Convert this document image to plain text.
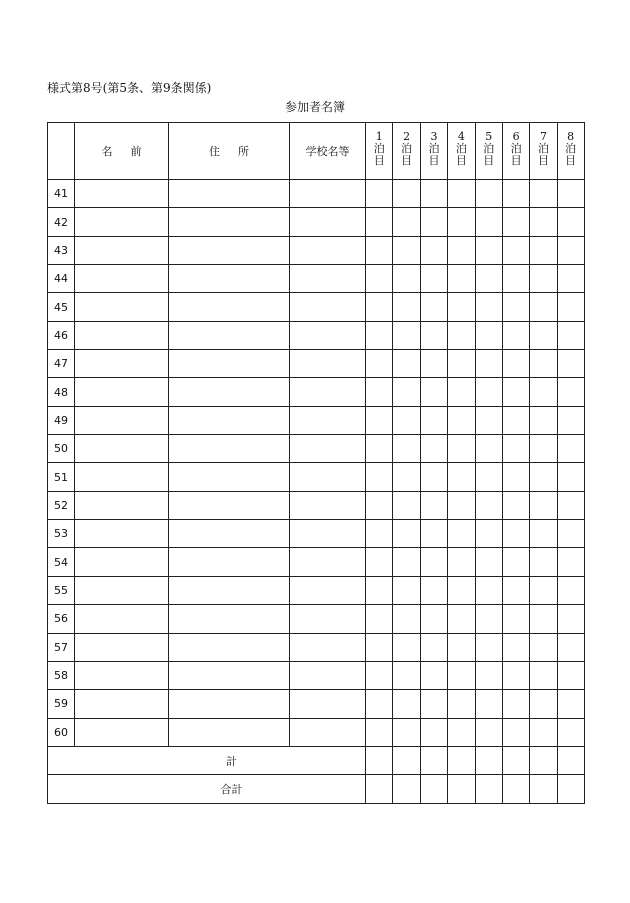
様式第8号(第5条、第9条関係)
参加者名簿
	名前	住所	学校名等	1
泊
目	2
泊
目	3
泊
目	4
泊
目	5
泊
目	6
泊
目	7
泊
目	8
泊
目

41											
42											
43											
44											
45											
46											
47											
48											
49											
50											
51											
52											
53											
54											
55											
56											
57											
58											
59											
60											
計											
合計											
